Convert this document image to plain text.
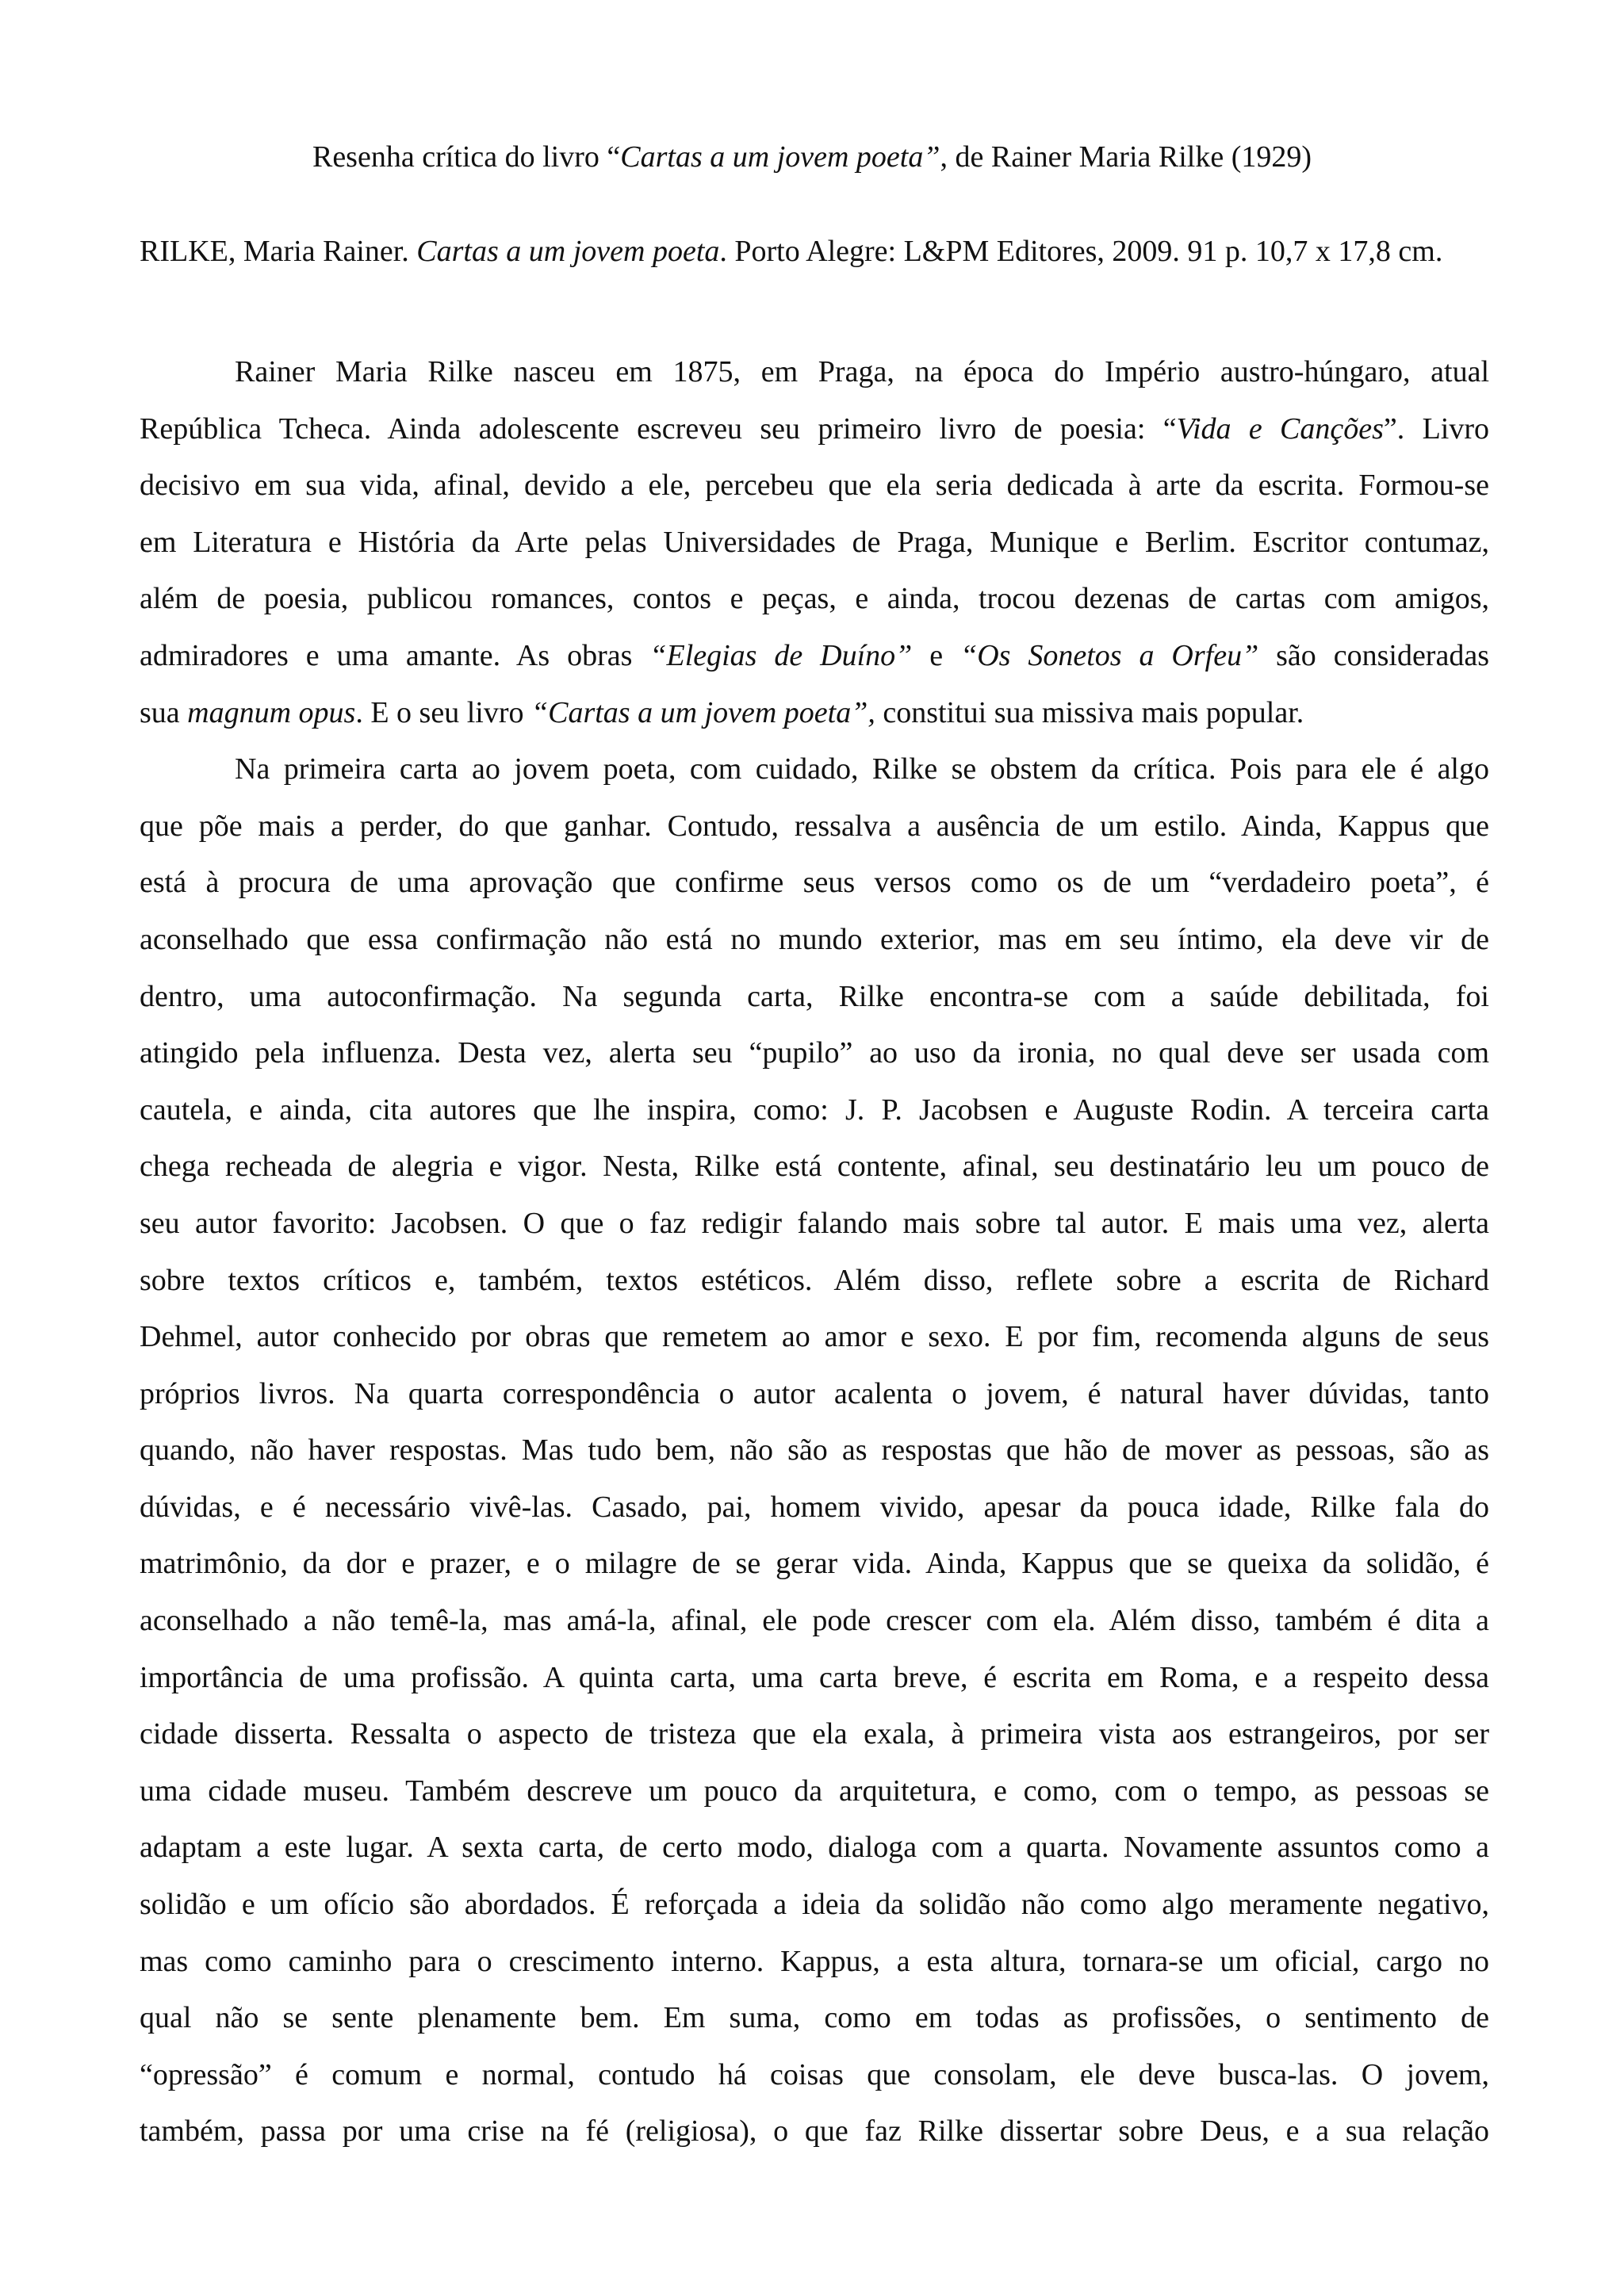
Resenha crítica do livro “Cartas a um jovem poeta”, de Rainer Maria Rilke (1929)

RILKE, Maria Rainer. Cartas a um jovem poeta. Porto Alegre: L&PM Editores, 2009. 91 p. 10,7 x 17,8 cm.

Rainer Maria Rilke nasceu em 1875, em Praga, na época do Império austro-húngaro, atual
República Tcheca. Ainda adolescente escreveu seu primeiro livro de poesia: “Vida e Canções”. Livro
decisivo em sua vida, afinal, devido a ele, percebeu que ela seria dedicada à arte da escrita. Formou-se
em Literatura e História da Arte pelas Universidades de Praga, Munique e Berlim. Escritor contumaz,
além de poesia, publicou romances, contos e peças, e ainda, trocou dezenas de cartas com amigos,
admiradores e uma amante. As obras “Elegias de Duíno” e “Os Sonetos a Orfeu” são consideradas
sua magnum opus. E o seu livro “Cartas a um jovem poeta”, constitui sua missiva mais popular.
Na primeira carta ao jovem poeta, com cuidado, Rilke se obstem da crítica. Pois para ele é algo
que põe mais a perder, do que ganhar. Contudo, ressalva a ausência de um estilo. Ainda, Kappus que
está à procura de uma aprovação que confirme seus versos como os de um “verdadeiro poeta”, é
aconselhado que essa confirmação não está no mundo exterior, mas em seu íntimo, ela deve vir de
dentro, uma autoconfirmação. Na segunda carta, Rilke encontra-se com a saúde debilitada, foi
atingido pela influenza. Desta vez, alerta seu “pupilo” ao uso da ironia, no qual deve ser usada com
cautela, e ainda, cita autores que lhe inspira, como: J. P. Jacobsen e Auguste Rodin. A terceira carta
chega recheada de alegria e vigor. Nesta, Rilke está contente, afinal, seu destinatário leu um pouco de
seu autor favorito: Jacobsen. O que o faz redigir falando mais sobre tal autor. E mais uma vez, alerta
sobre textos críticos e, também, textos estéticos. Além disso, reflete sobre a escrita de Richard
Dehmel, autor conhecido por obras que remetem ao amor e sexo. E por fim, recomenda alguns de seus
próprios livros. Na quarta correspondência o autor acalenta o jovem, é natural haver dúvidas, tanto
quando, não haver respostas. Mas tudo bem, não são as respostas que hão de mover as pessoas, são as
dúvidas, e é necessário vivê-las. Casado, pai, homem vivido, apesar da pouca idade, Rilke fala do
matrimônio, da dor e prazer, e o milagre de se gerar vida. Ainda, Kappus que se queixa da solidão, é
aconselhado a não temê-la, mas amá-la, afinal, ele pode crescer com ela. Além disso, também é dita a
importância de uma profissão. A quinta carta, uma carta breve, é escrita em Roma, e a respeito dessa
cidade disserta. Ressalta o aspecto de tristeza que ela exala, à primeira vista aos estrangeiros, por ser
uma cidade museu. Também descreve um pouco da arquitetura, e como, com o tempo, as pessoas se
adaptam a este lugar. A sexta carta, de certo modo, dialoga com a quarta. Novamente assuntos como a
solidão e um ofício são abordados. É reforçada a ideia da solidão não como algo meramente negativo,
mas como caminho para o crescimento interno. Kappus, a esta altura, tornara-se um oficial, cargo no
qual não se sente plenamente bem. Em suma, como em todas as profissões, o sentimento de
“opressão” é comum e normal, contudo há coisas que consolam, ele deve busca-las. O jovem,
também, passa por uma crise na fé (religiosa), o que faz Rilke dissertar sobre Deus, e a sua relação
